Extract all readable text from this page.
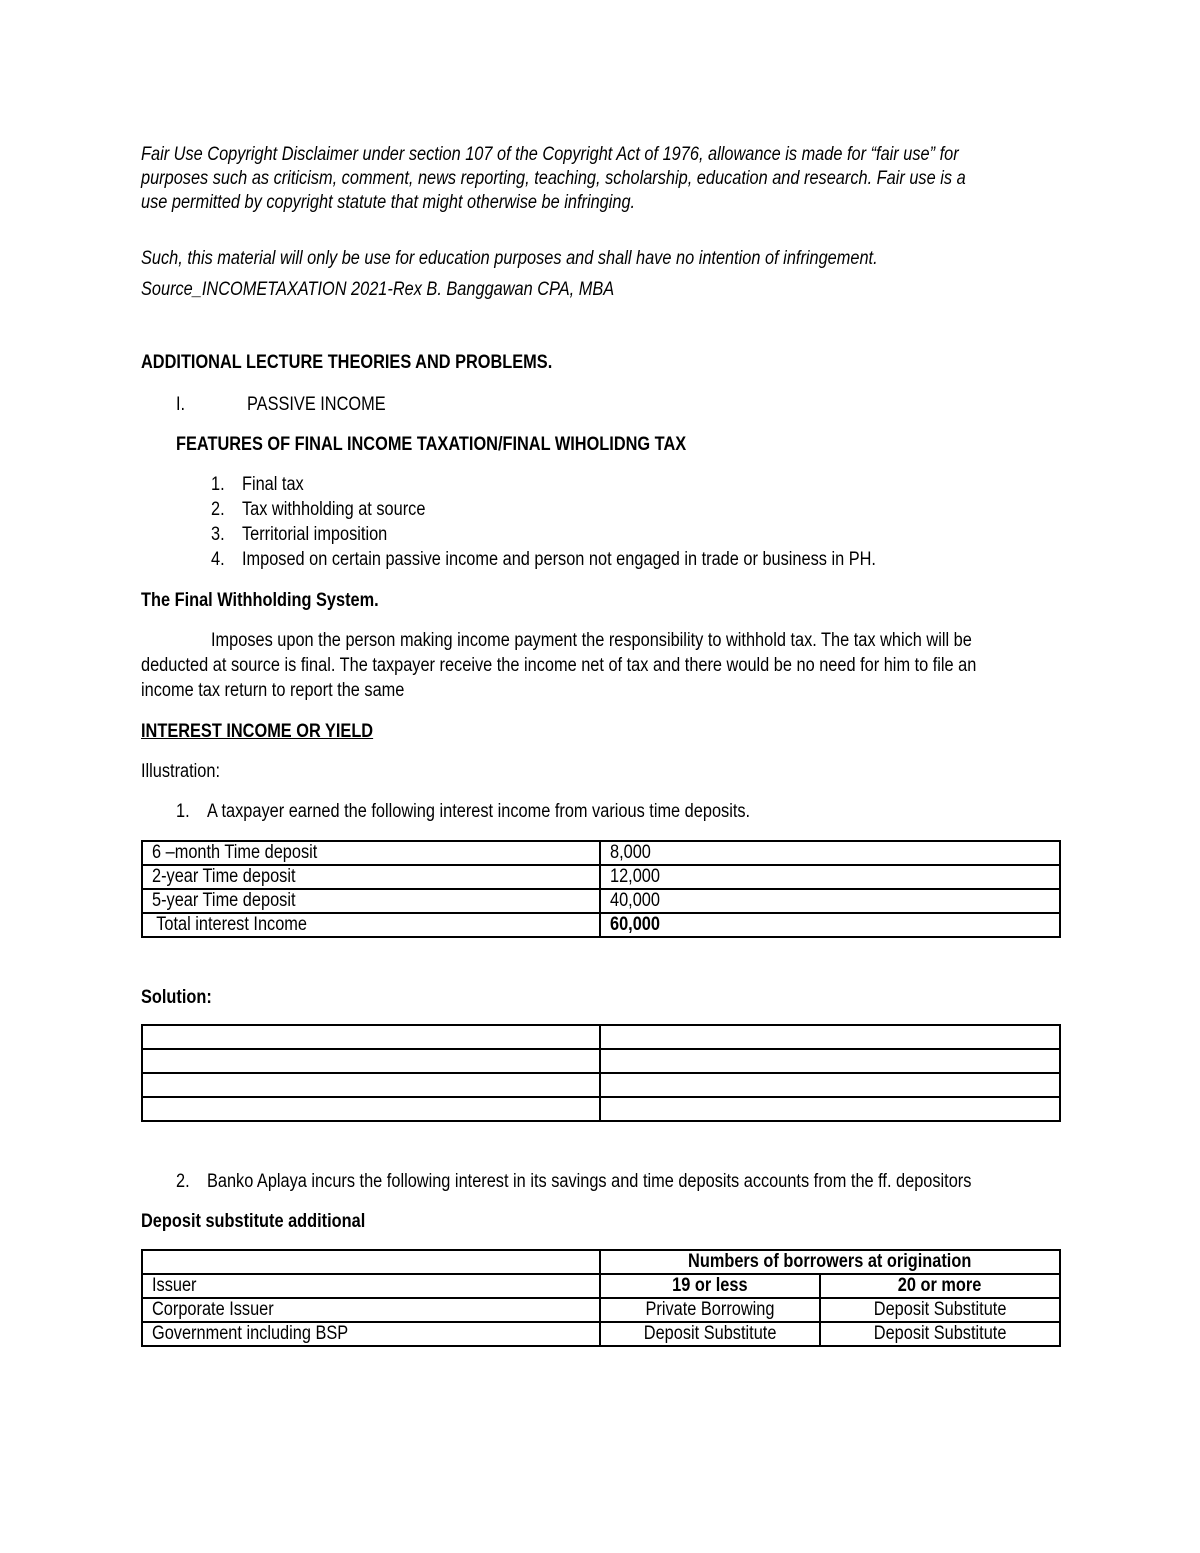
Fair Use Copyright Disclaimer under section 107 of the Copyright Act of 1976, allowance is made for “fair use” for
purposes such as criticism, comment, news reporting, teaching, scholarship, education and research. Fair use is a
use permitted by copyright statute that might otherwise be infringing.
Such, this material will only be use for education purposes and shall have no intention of infringement.
Source_INCOMETAXATION 2021-Rex B. Banggawan CPA, MBA
ADDITIONAL LECTURE THEORIES AND PROBLEMS.
I.	PASSIVE INCOME
FEATURES OF FINAL INCOME TAXATION/FINAL WIHOLIDNG TAX
1. Final tax
2. Tax withholding at source
3. Territorial imposition
4. Imposed on certain passive income and person not engaged in trade or business in PH.
The Final Withholding System.
Imposes upon the person making income payment the responsibility to withhold tax. The tax which will be
deducted at source is final. The taxpayer receive the income net of tax and there would be no need for him to file an
income tax return to report the same
INTEREST INCOME OR YIELD
Illustration:
1. A taxpayer earned the following interest income from various time deposits.
6 –month Time deposit	8,000
2-year Time deposit	12,000
5-year Time deposit	40,000
Total interest Income	60,000
Solution:

2. Banko Aplaya incurs the following interest in its savings and time deposits accounts from the ff. depositors
Deposit substitute additional
	Numbers of borrowers at origination	
Issuer	19 or less	20 or more
Corporate Issuer	Private Borrowing	Deposit Substitute
Government including BSP	Deposit Substitute	Deposit Substitute
